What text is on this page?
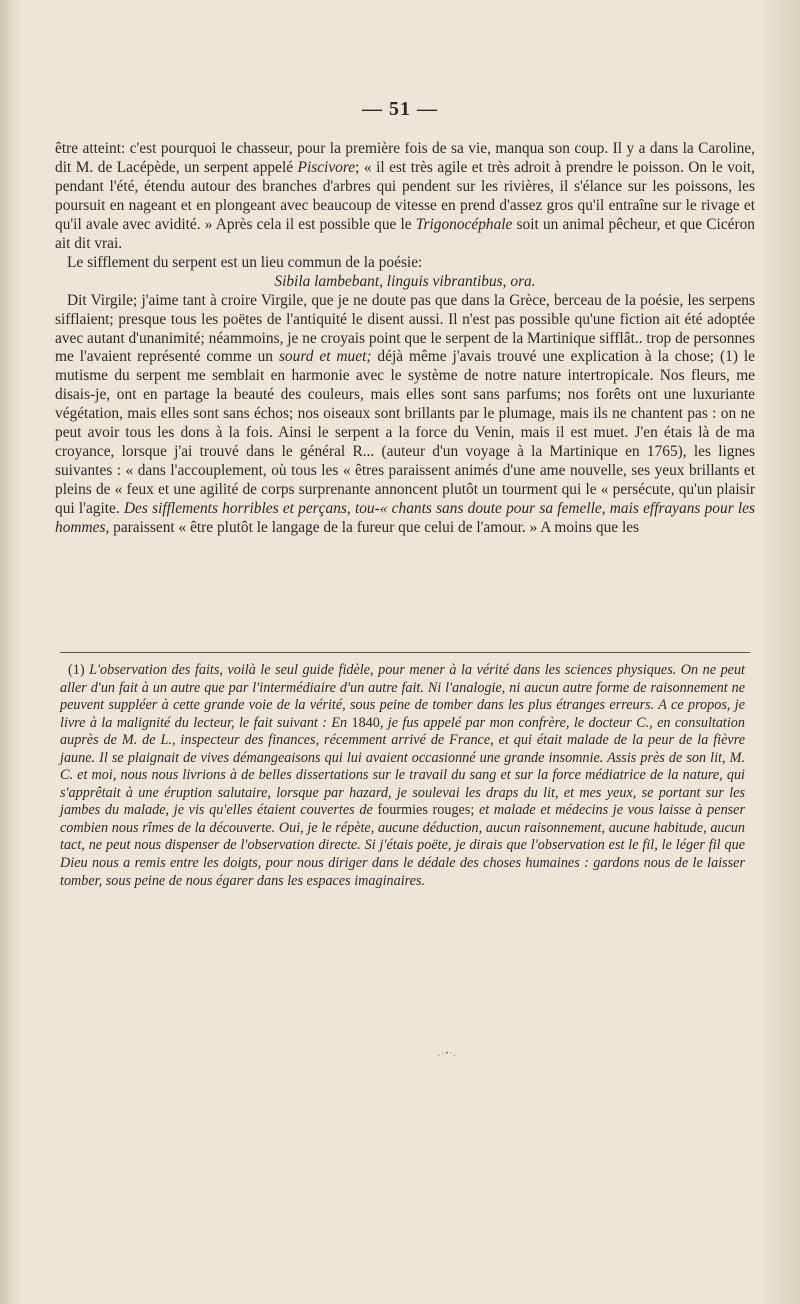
— 51 —

être atteint: c'est pourquoi le chasseur, pour la première fois de sa vie, manqua son coup. Il y a dans la Caroline, dit M. de Lacépède, un serpent appelé Piscivore; « il est très agile et très adroit à prendre le poisson. On le voit, pendant l'été, étendu autour des branches d'arbres qui pendent sur les rivières, il s'élance sur les poissons, les poursuit en nageant et en plongeant avec beaucoup de vitesse en prend d'assez gros qu'il entraîne sur le rivage et qu'il avale avec avidité. » Après cela il est possible que le Trigonocéphale soit un animal pêcheur, et que Cicéron ait dit vrai.

Le sifflement du serpent est un lieu commun de la poésie:

Sibila lambebant, linguis vibrantibus, ora.

Dit Virgile; j'aime tant à croire Virgile, que je ne doute pas que dans la Grèce, berceau de la poésie, les serpens sifflaient; presque tous les poëtes de l'antiquité le disent aussi. Il n'est pas possible qu'une fiction ait été adoptée avec autant d'unanimité; néammoins, je ne croyais point que le serpent de la Martinique sifflât.. trop de personnes me l'avaient représenté comme un sourd et muet; déjà même j'avais trouvé une explication à la chose; (1) le mutisme du serpent me semblait en harmonie avec le système de notre nature intertropicale. Nos fleurs, me disais-je, ont en partage la beauté des couleurs, mais elles sont sans parfums; nos forêts ont une luxuriante végétation, mais elles sont sans échos; nos oiseaux sont brillants par le plumage, mais ils ne chantent pas : on ne peut avoir tous les dons à la fois. Ainsi le serpent a la force du Venin, mais il est muet. J'en étais là de ma croyance, lorsque j'ai trouvé dans le général R... (auteur d'un voyage à la Martinique en 1765), les lignes suivantes : « dans l'accouplement, où tous les « êtres paraissent animés d'une ame nouvelle, ses yeux brillants et pleins de « feux et une agilité de corps surprenante annoncent plutôt un tourment qui le « persécute, qu'un plaisir qui l'agite. Des sifflements horribles et perçans, tou-« chants sans doute pour sa femelle, mais effrayans pour les hommes, paraissent « être plutôt le langage de la fureur que celui de l'amour. » A moins que les

(1) L'observation des faits, voilà le seul guide fidèle, pour mener à la vérité dans les sciences physiques. On ne peut aller d'un fait à un autre que par l'intermédiaire d'un autre fait. Ni l'analogie, ni aucun autre forme de raisonnement ne peuvent suppléer à cette grande voie de la vérité, sous peine de tomber dans les plus étranges erreurs. A ce propos, je livre à la malignité du lecteur, le fait suivant : En 1840, je fus appelé par mon confrère, le docteur C., en consultation auprès de M. de L., inspecteur des finances, récemment arrivé de France, et qui était malade de la peur de la fièvre jaune. Il se plaignait de vives démangeaisons qui lui avaient occasionné une grande insomnie. Assis près de son lit, M. C. et moi, nous nous livrions à de belles dissertations sur le travail du sang et sur la force médiatrice de la nature, qui s'apprêtait à une éruption salutaire, lorsque par hazard, je soulevai les draps du lit, et mes yeux, se portant sur les jambes du malade, je vis qu'elles étaient couvertes de fourmies rouges; et malade et médecins je vous laisse à penser combien nous rîmes de la découverte. Oui, je le répète, aucune déduction, aucun raisonnement, aucune habitude, aucun tact, ne peut nous dispenser de l'observation directe. Si j'étais poëte, je dirais que l'observation est le fil, le léger fil que Dieu nous a remis entre les doigts, pour nous diriger dans le dédale des choses humaines : gardons nous de le laisser tomber, sous peine de nous égarer dans les espaces imaginaires.

.·•·.
